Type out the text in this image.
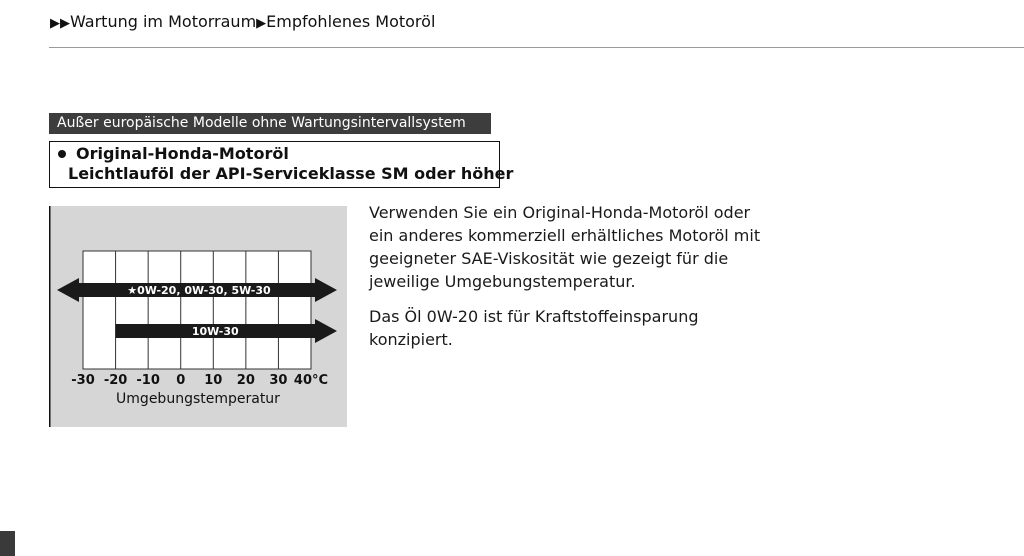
▶▶Wartung im Motorraum▶Empfohlenes Motoröl
Außer europäische Modelle ohne Wartungsintervallsystem
Original-Honda-Motoröl
Leichtlauföl der API-Serviceklasse SM oder höher
★0W-20, 0W-30, 5W-30
10W-30
-30 -20 -10 0 10 20 30 40°C
Umgebungstemperatur

Verwenden Sie ein Original-Honda-Motoröl oder ein anderes kommerziell erhältliches Motoröl mit geeigneter SAE-Viskosität wie gezeigt für die jeweilige Umgebungstemperatur.

Das Öl 0W-20 ist für Kraftstoffeinsparung konzipiert.
